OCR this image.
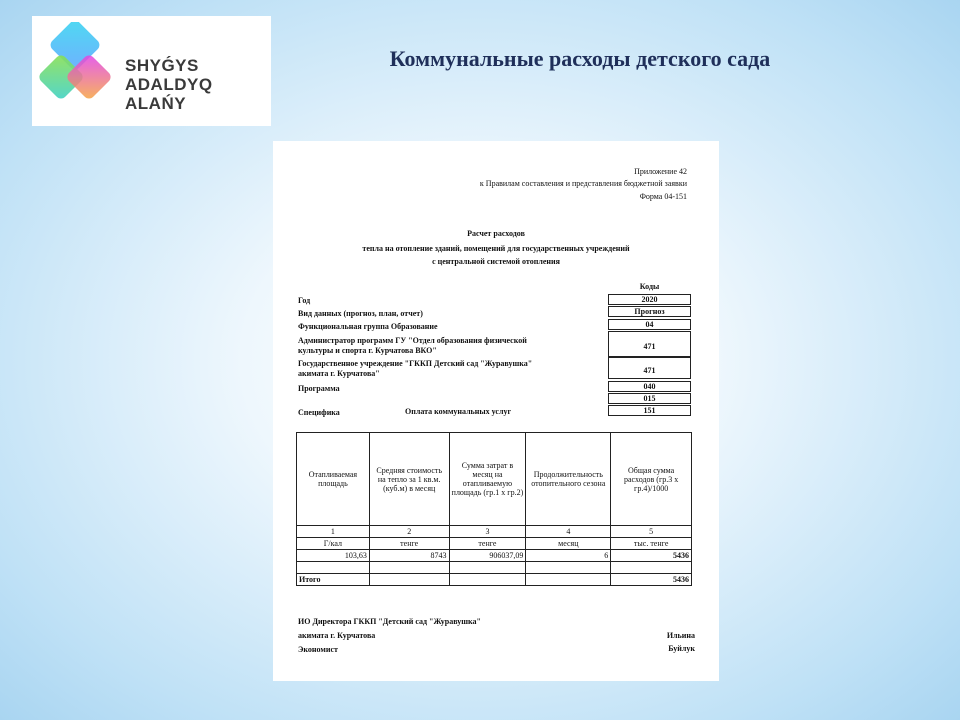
SHYǴYS
ADALDYQ ALAŃY
Коммунальные расходы детского сада
Приложение 42
к Правилам составления и представления бюджетной заявки
Форма 04-151
Расчет расходов
тепла на отопление зданий, помещений для государственных учреждений
с центральной системой отопления
Коды
Год	2020
Вид данных (прогноз, план, отчет)	Прогноз
Функциональная группа Образование	04
Администратор программ ГУ "Отдел образования физической
культуры и спорта г. Курчатова ВКО"	471
Государственное учреждение "ГККП Детский сад "Журавушка"
акимата г. Курчатова"	471
Программа	040
015
Специфика	Оплата коммунальных услуг	151
Отапливаемая площадь	Средняя стоимость на тепло за 1 кв.м. (куб.м) в месяц	Сумма затрат в месяц на отапливаемую площадь (гр.1 х гр.2)	Продолжительность отопительного сезона	Общая сумма расходов (гр.3 х гр.4)/1000
1	2	3	4	5
Г/кал	тенге	тенге	месяц	тыс. тенге
103,63	8743	906037,09	6	5436

Итого				5436
ИО Директора ГККП "Детский сад "Журавушка"
акимата г. Курчатова	Ильина
Экономист	Буйлук
